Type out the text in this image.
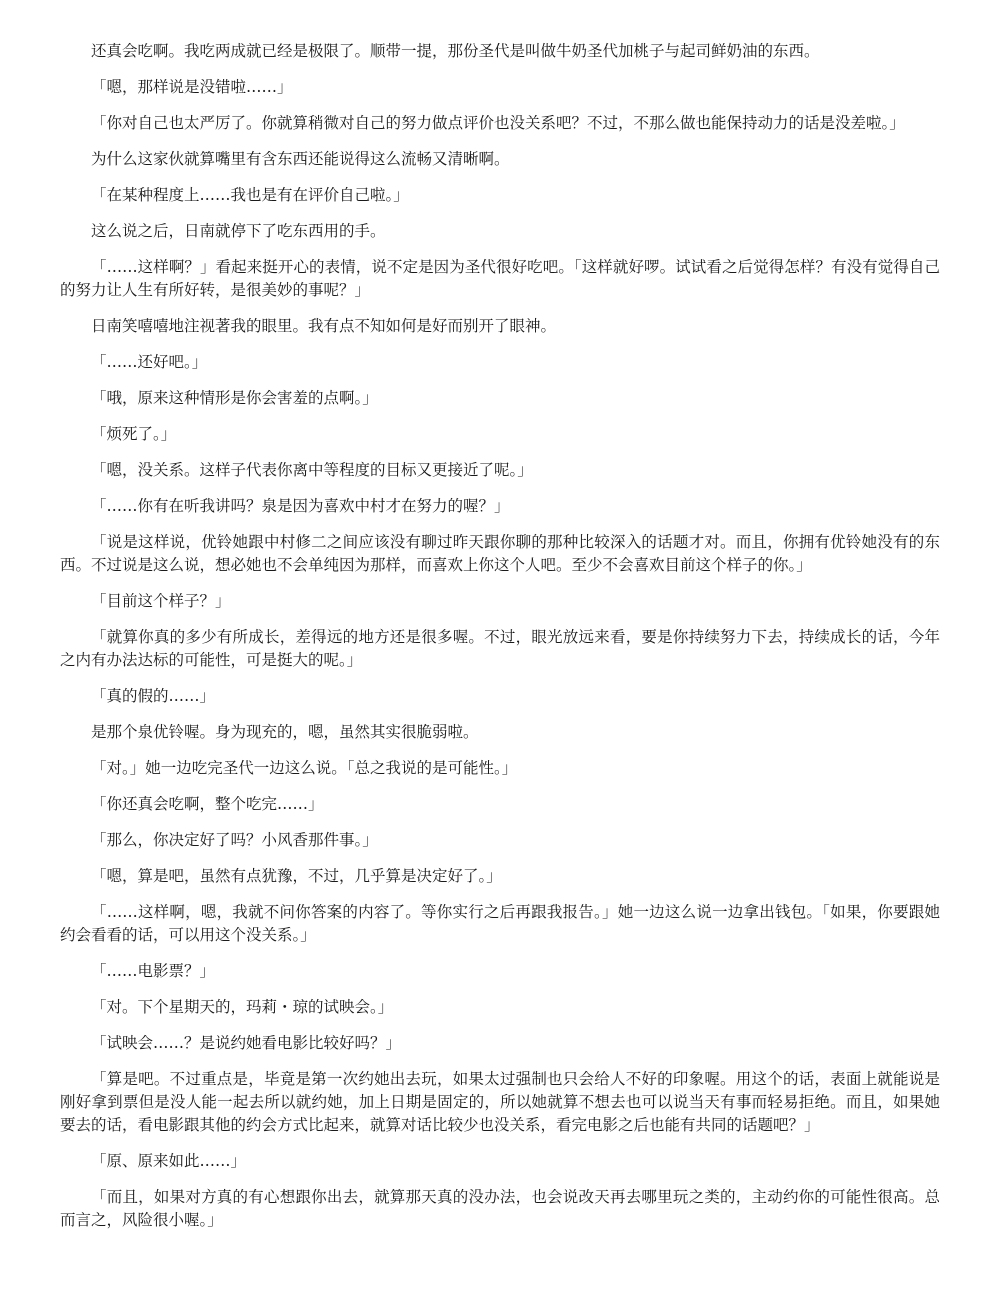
还真会吃啊。我吃两成就已经是极限了。顺带一提，那份圣代是叫做牛奶圣代加桃子与起司鲜奶油的东西。

「嗯，那样说是没错啦……」

「你对自己也太严厉了。你就算稍微对自己的努力做点评价也没关系吧？不过，不那么做也能保持动力的话是没差啦。」

为什么这家伙就算嘴里有含东西还能说得这么流畅又清晰啊。

「在某种程度上……我也是有在评价自己啦。」

这么说之后，日南就停下了吃东西用的手。

「……这样啊？」看起来挺开心的表情，说不定是因为圣代很好吃吧。「这样就好啰。试试看之后觉得怎样？有没有觉得自己的努力让人生有所好转，是很美妙的事呢？」

日南笑嘻嘻地注视著我的眼里。我有点不知如何是好而别开了眼神。

「……还好吧。」

「哦，原来这种情形是你会害羞的点啊。」

「烦死了。」

「嗯，没关系。这样子代表你离中等程度的目标又更接近了呢。」

「……你有在听我讲吗？泉是因为喜欢中村才在努力的喔？」

「说是这样说，优铃她跟中村修二之间应该没有聊过昨天跟你聊的那种比较深入的话题才对。而且，你拥有优铃她没有的东西。不过说是这么说，想必她也不会单纯因为那样，而喜欢上你这个人吧。至少不会喜欢目前这个样子的你。」

「目前这个样子？」

「就算你真的多少有所成长，差得远的地方还是很多喔。不过，眼光放远来看，要是你持续努力下去，持续成长的话，今年之内有办法达标的可能性，可是挺大的呢。」

「真的假的……」

是那个泉优铃喔。身为现充的，嗯，虽然其实很脆弱啦。

「对。」她一边吃完圣代一边这么说。「总之我说的是可能性。」

「你还真会吃啊，整个吃完……」

「那么，你决定好了吗？小风香那件事。」

「嗯，算是吧，虽然有点犹豫，不过，几乎算是决定好了。」

「……这样啊，嗯，我就不问你答案的内容了。等你实行之后再跟我报告。」她一边这么说一边拿出钱包。「如果，你要跟她约会看看的话，可以用这个没关系。」

「……电影票？」

「对。下个星期天的，玛莉・琼的试映会。」

「试映会……？是说约她看电影比较好吗？」

「算是吧。不过重点是，毕竟是第一次约她出去玩，如果太过强制也只会给人不好的印象喔。用这个的话，表面上就能说是刚好拿到票但是没人能一起去所以就约她，加上日期是固定的，所以她就算不想去也可以说当天有事而轻易拒绝。而且，如果她要去的话，看电影跟其他的约会方式比起来，就算对话比较少也没关系，看完电影之后也能有共同的话题吧？」

「原、原来如此……」

「而且，如果对方真的有心想跟你出去，就算那天真的没办法，也会说改天再去哪里玩之类的，主动约你的可能性很高。总而言之，风险很小喔。」
